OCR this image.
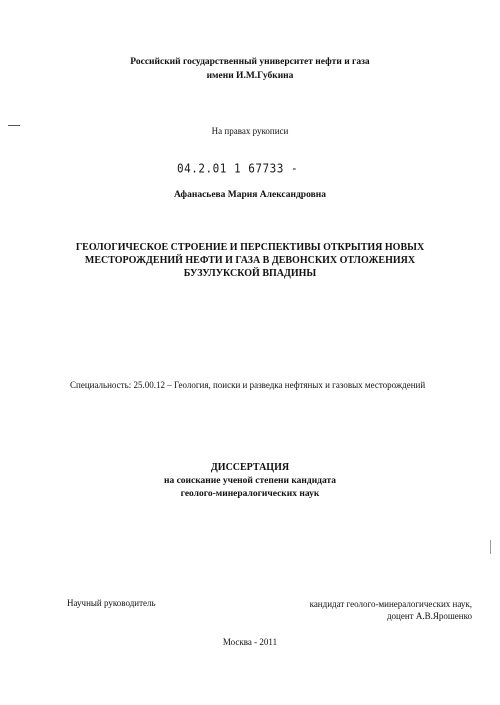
Российский государственный университет нефти и газа
имени И.М.Губкина
На правах рукописи
04.2.01 1 67733 -
Афанасьева Мария Александровна
ГЕОЛОГИЧЕСКОЕ СТРОЕНИЕ И ПЕРСПЕКТИВЫ ОТКРЫТИЯ НОВЫХ
МЕСТОРОЖДЕНИЙ НЕФТИ И ГАЗА В ДЕВОНСКИХ ОТЛОЖЕНИЯХ
БУЗУЛУКСКОЙ ВПАДИНЫ
Специальность: 25.00.12 – Геология, поиски и разведка нефтяных и газовых месторождений
ДИССЕРТАЦИЯ
на соискание ученой степени кандидата
геолого-минералогических наук
Научный руководитель	кандидат геолого-минералогических наук,
доцент А.В.Ярошенко
Москва - 2011
